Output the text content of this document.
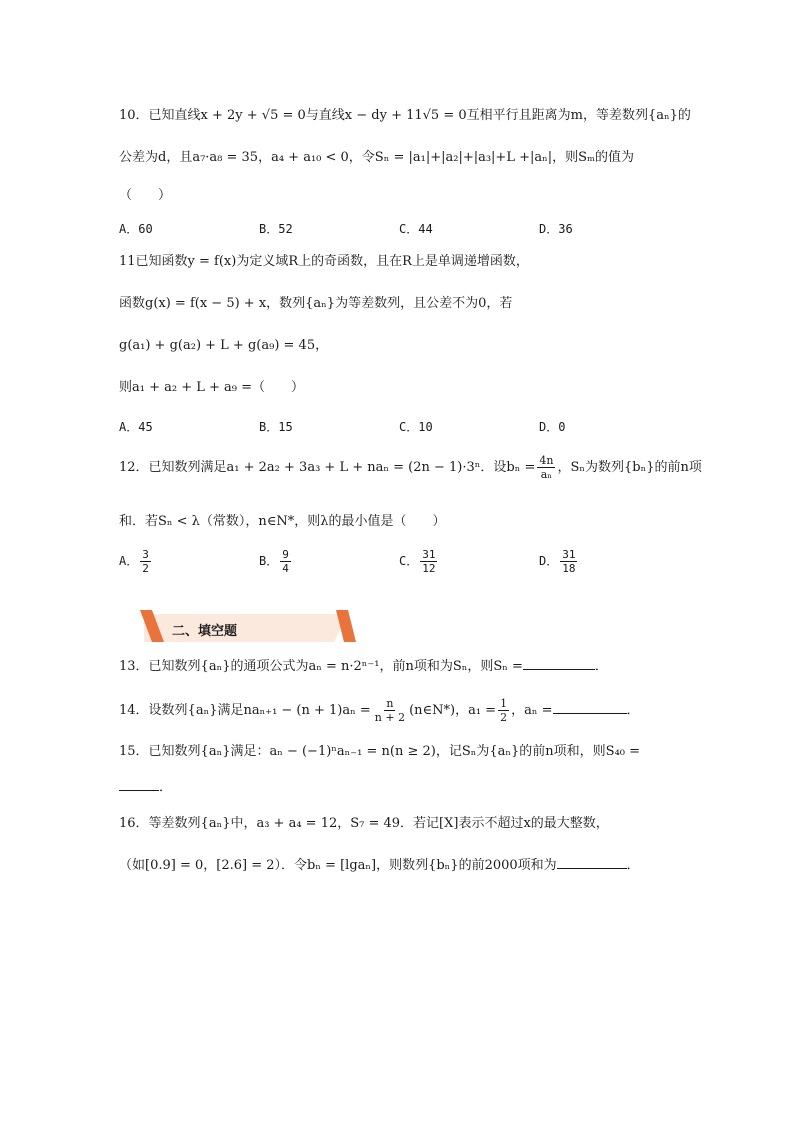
10．已知直线x + 2y + √5 = 0与直线x − dy + 11√5 = 0互相平行且距离为m，等差数列{aₙ}的
公差为d，且a₇·a₈ = 35，a₄ + a₁₀ < 0，令Sₙ = |a₁|+|a₂|+|a₃|+L +|aₙ|，则Sₘ的值为
（　　）
A．60	B．52	C．44	D．36
11已知函数y = f(x)为定义域R上的奇函数，且在R上是单调递增函数，
函数g(x) = f(x − 5) + x，数列{aₙ}为等差数列，且公差不为0，若
g(a₁) + g(a₂) + L + g(a₉) = 45，
则a₁ + a₂ + L + a₉ =（　　）
A．45	B．15	C．10	D．0
12．已知数列满足a₁ + 2a₂ + 3a₃ + L + naₙ = (2n − 1)·3ⁿ．设$b_n = \frac{4n}{\text{aₙ}}$ ，Sₙ为数列{bₙ}的前n项
和．若Sₙ < λ（常数），n∈N*，则λ的最小值是（　　）
A． $\frac{3}{2}$	B． $\frac{9}{4}$	C． $\frac{31}{12}$	D． $\frac{31}{18}$
二、填空题
13．已知数列{aₙ}的通项公式为aₙ = n·2ⁿ⁻¹，前n项和为Sₙ，则Sₙ =	．
14．设数列{aₙ}满足$na_{n+1} - (n + 1)a_n = \frac{n}{n + 2}$ (n∈N*)，$a_1 = \frac{1}{2}$ ，aₙ =	．
15．已知数列{aₙ}满足：aₙ − (−1)ⁿaₙ₋₁ = n(n ≥ 2)，记Sₙ为{aₙ}的前n项和，则S₄₀ =
．
16．等差数列{aₙ}中，a₃ + a₄ = 12，S₇ = 49．若记[X]表示不超过x的最大整数，
（如[0.9] = 0，[2.6] = 2）．令bₙ = [lgaₙ]，则数列{bₙ}的前2000项和为	．
